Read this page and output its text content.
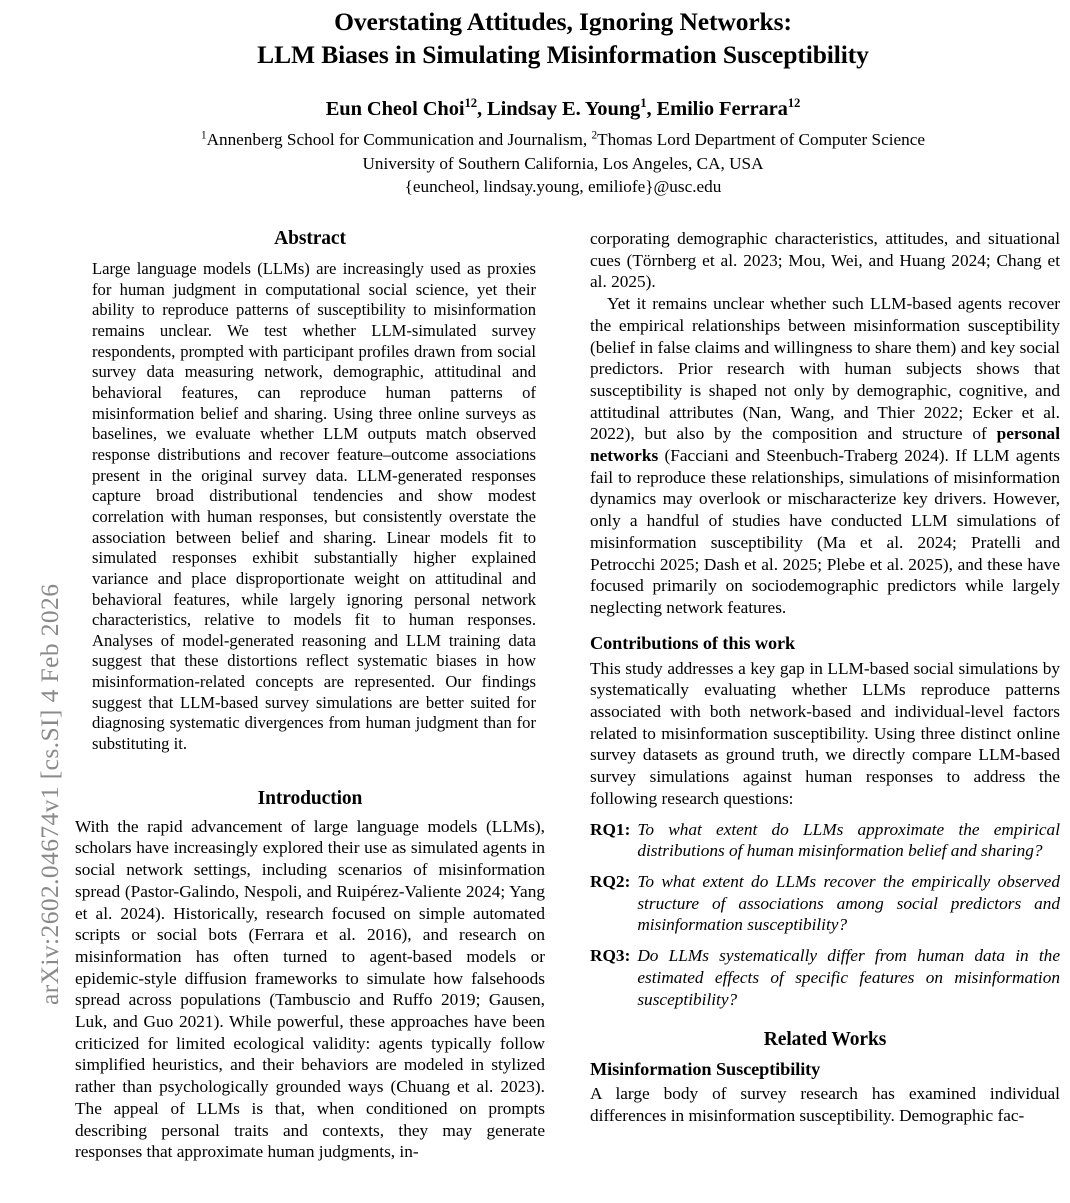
arXiv:2602.04674v1 [cs.SI] 4 Feb 2026
Overstating Attitudes, Ignoring Networks:
LLM Biases in Simulating Misinformation Susceptibility
Eun Cheol Choi$^{12}$, Lindsay E. Young$^1$, Emilio Ferrara$^{12}$
$^1$Annenberg School for Communication and Journalism, $^2$Thomas Lord Department of Computer Science
University of Southern California, Los Angeles, CA, USA
{euncheol, lindsay.young, emiliofe}@usc.edu
Abstract

Large language models (LLMs) are increasingly used as proxies for human judgment in computational social science, yet their ability to reproduce patterns of susceptibility to misinformation remains unclear. We test whether LLM-simulated survey respondents, prompted with participant profiles drawn from social survey data measuring network, demographic, attitudinal and behavioral features, can reproduce human patterns of misinformation belief and sharing. Using three online surveys as baselines, we evaluate whether LLM outputs match observed response distributions and recover feature–outcome associations present in the original survey data. LLM-generated responses capture broad distributional tendencies and show modest correlation with human responses, but consistently overstate the association between belief and sharing. Linear models fit to simulated responses exhibit substantially higher explained variance and place disproportionate weight on attitudinal and behavioral features, while largely ignoring personal network characteristics, relative to models fit to human responses. Analyses of model-generated reasoning and LLM training data suggest that these distortions reflect systematic biases in how misinformation-related concepts are represented. Our findings suggest that LLM-based survey simulations are better suited for diagnosing systematic divergences from human judgment than for substituting it.

Introduction

With the rapid advancement of large language models (LLMs), scholars have increasingly explored their use as simulated agents in social network settings, including scenarios of misinformation spread (Pastor-Galindo, Nespoli, and Ruipérez-Valiente 2024; Yang et al. 2024). Historically, research focused on simple automated scripts or social bots (Ferrara et al. 2016), and research on misinformation has often turned to agent-based models or epidemic-style diffusion frameworks to simulate how falsehoods spread across populations (Tambuscio and Ruffo 2019; Gausen, Luk, and Guo 2021). While powerful, these approaches have been criticized for limited ecological validity: agents typically follow simplified heuristics, and their behaviors are modeled in stylized rather than psychologically grounded ways (Chuang et al. 2023). The appeal of LLMs is that, when conditioned on prompts describing personal traits and contexts, they may generate responses that approximate human judgments, in-

corporating demographic characteristics, attitudes, and situational cues (Törnberg et al. 2023; Mou, Wei, and Huang 2024; Chang et al. 2025).

Yet it remains unclear whether such LLM-based agents recover the empirical relationships between misinformation susceptibility (belief in false claims and willingness to share them) and key social predictors. Prior research with human subjects shows that susceptibility is shaped not only by demographic, cognitive, and attitudinal attributes (Nan, Wang, and Thier 2022; Ecker et al. 2022), but also by the composition and structure of personal networks (Facciani and Steenbuch-Traberg 2024). If LLM agents fail to reproduce these relationships, simulations of misinformation dynamics may overlook or mischaracterize key drivers. However, only a handful of studies have conducted LLM simulations of misinformation susceptibility (Ma et al. 2024; Pratelli and Petrocchi 2025; Dash et al. 2025; Plebe et al. 2025), and these have focused primarily on sociodemographic predictors while largely neglecting network features.

Contributions of this work

This study addresses a key gap in LLM-based social simulations by systematically evaluating whether LLMs reproduce patterns associated with both network-based and individual-level factors related to misinformation susceptibility. Using three distinct online survey datasets as ground truth, we directly compare LLM-based survey simulations against human responses to address the following research questions:

RQ1: To what extent do LLMs approximate the empirical distributions of human misinformation belief and sharing?
RQ2: To what extent do LLMs recover the empirically observed structure of associations among social predictors and misinformation susceptibility?
RQ3: Do LLMs systematically differ from human data in the estimated effects of specific features on misinformation susceptibility?
Related Works
Misinformation Susceptibility

A large body of survey research has examined individual differences in misinformation susceptibility. Demographic fac-
